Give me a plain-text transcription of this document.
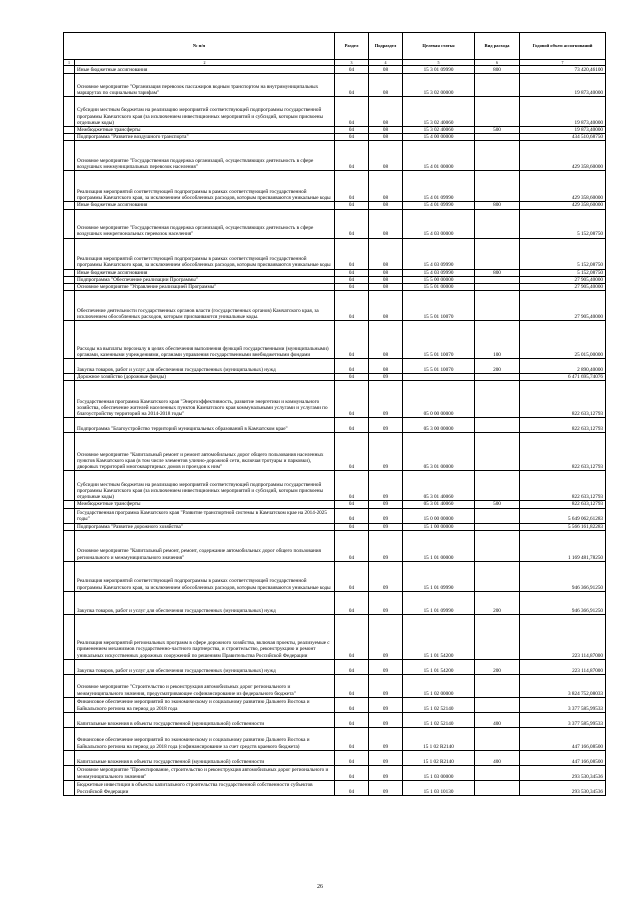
№ п/п		Раздел	Подраздел	Целевая статья	Вид расхода	Годовой объем ассигнований
1	2	3	4	5	6	7
	Иные бюджетные ассигнования	04	08	15 3 01 09990	800	73 420,46100
	Основное мероприятие "Организация перевозок пассажиров водным транспортом на внутримуниципальных маршрутах по социальным тарифам"	04	08	15 3 02 00000		19 873,40000
	Субсидии местным бюджетам на реализацию мероприятий соответствующей подпрограммы государственной программы Камчатского края (за исключением инвестиционных мероприятий и субсидий, которым присвоены отдельные коды)	04	08	15 3 02 40060		19 873,40000
	Межбюджетные трансферты	04	08	15 3 02 40060	500	19 873,40000
	Подпрограмма "Развитие воздушного транспорта"	04	08	15 4 00 00000		434 510,68750
	Основное мероприятие "Государственная поддержка организаций, осуществляющих деятельность в сфере воздушных межмуниципальных перевозок населения"	04	08	15 4 01 00000		429 358,60000
	Реализация мероприятий соответствующей подпрограммы в рамках соответствующей государственной программы Камчатского края, за исключением обособленных расходов, которым присваиваются уникальные коды	04	08	15 4 01 09990		429 358,60000
	Иные бюджетные ассигнования	04	08	15 4 01 09990	800	429 358,60000
	Основное мероприятие "Государственная поддержка организаций, осуществляющих деятельность в сфере воздушных межрегиональных перевозок населения"	04	08	15 4 03 00000		5 152,08750
	Реализация мероприятий соответствующей подпрограммы в рамках соответствующей государственной программы Камчатского края, за исключением обособленных расходов, которым присваиваются уникальные коды	04	08	15 4 03 09990		5 152,08750
	Иные бюджетные ассигнования	04	08	15 4 03 09990	800	5 152,08750
	Подпрограмма "Обеспечение реализации Программы"	04	08	15 5 00 00000		27 905,40000
	Основное мероприятие "Управление реализацией Программы"	04	08	15 5 01 00000		27 905,40000
	Обеспечение деятельности государственных органов власти (государственных органов) Камчатского края, за исключением обособленных расходов, которым присваиваются уникальные коды.	04	08	15 5 01 10070		27 905,40000
	Расходы на выплаты персоналу в целях обеспечения выполнения функций государственными (муниципальными) органами, казенными учреждениями, органами управления государственными внебюджетными фондами	04	08	15 5 01 10070	100	25 015,00000
	Закупка товаров, работ и услуг для обеспечения государственных (муниципальных) нужд	04	08	15 5 01 10070	200	2 890,40000
	Дорожное хозяйство (дорожные фонды)	04	09			6 471 695,74076
	Государственная программа Камчатского края "Энергоэффективность, развитие энергетики и коммунального хозяйства, обеспечение жителей населенных пунктов Камчатского края коммунальными услугами и услугами по благоустройству территорий на 2014-2018 годы"	04	09	05 0 00 00000		822 633,12793
	Подпрограмма "Благоустройство территорий муниципальных образований в Камчатском крае"	04	09	05 3 00 00000		822 633,12793
	Основное мероприятие "Капитальный ремонт и ремонт автомобильных дорог общего пользования населенных пунктов Камчатского края (в том числе элементов улично-дорожной сети, включая тротуары и парковки), дворовых территорий многоквартирных домов и проездов к ним"	04	09	05 3 01 00000		822 633,12793
	Субсидии местным бюджетам на реализацию мероприятий соответствующей подпрограммы государственной программы Камчатского края (за исключением инвестиционных мероприятий и субсидий, которым присвоены отдельные коды)	04	09	05 3 01 40060		822 633,12793
	Межбюджетные трансферты	04	09	05 3 01 40060	500	822 633,12793
	Государственная программа Камчатского края "Развитие транспортной системы в Камчатском крае на 2014-2025 годы"	04	09	15 0 00 00000		5 649 062,61283
	Подпрограмма "Развитие дорожного хозяйства"	04	09	15 1 00 00000		5 566 161,82283
	Основное мероприятие "Капитальный ремонт, ремонт, содержание автомобильных дорог общего пользования регионального и межмуниципального значения"	04	09	15 1 01 00000		1 169 481,78250
	Реализация мероприятий соответствующей подпрограммы в рамках соответствующей государственной программы Камчатского края, за исключением обособленных расходов, которым присваиваются уникальные коды	04	09	15 1 01 09990		946 366,91250
	Закупка товаров, работ и услуг для обеспечения государственных (муниципальных) нужд	04	09	15 1 01 09990	200	946 366,91250
	Реализация мероприятий региональных программ в сфере дорожного хозяйства, включая проекты, реализуемые с применением механизмов государственно-частного партнерства, и строительство, реконструкцию и ремонт уникальных искусственных дорожных сооружений по решениям Правительства Российской Федерации	04	09	15 1 01 54200		223 114,87000
	Закупка товаров, работ и услуг для обеспечения государственных (муниципальных) нужд	04	09	15 1 01 54200	200	223 114,87000
	Основное мероприятие "Строительство и реконструкция автомобильных дорог регионального и межмуниципального значения, предусматривающее софинансирование из федерального бюджета"	04	09	15 1 02 00000		3 824 752,08033
	Финансовое обеспечение мероприятий по экономическому и социальному развитию Дальнего Востока и Байкальского региона на период до 2018 года	04	09	15 1 02 52140		3 377 585,99533
	Капитальные вложения в объекты государственной (муниципальной) собственности	04	09	15 1 02 52140	400	3 377 585,99533
	Финансовое обеспечение мероприятий по экономическому и социальному развитию Дальнего Востока и Байкальского региона на период до 2018 года (софинансирование за счет средств краевого бюджета)	04	09	15 1 02 R2140		447 166,08500
	Капитальные вложения в объекты государственной (муниципальной) собственности	04	09	15 1 02 R2140	400	447 166,08500
	Основное мероприятие "Проектирование, строительство и реконструкция автомобильных дорог регионального и межмуниципального значения"	04	09	15 1 03 00000		293 530,34536
	Бюджетные инвестиции в объекты капитального строительства государственной собственности субъектов Российской Федерации	04	09	15 1 03 10130		293 530,34536
26
